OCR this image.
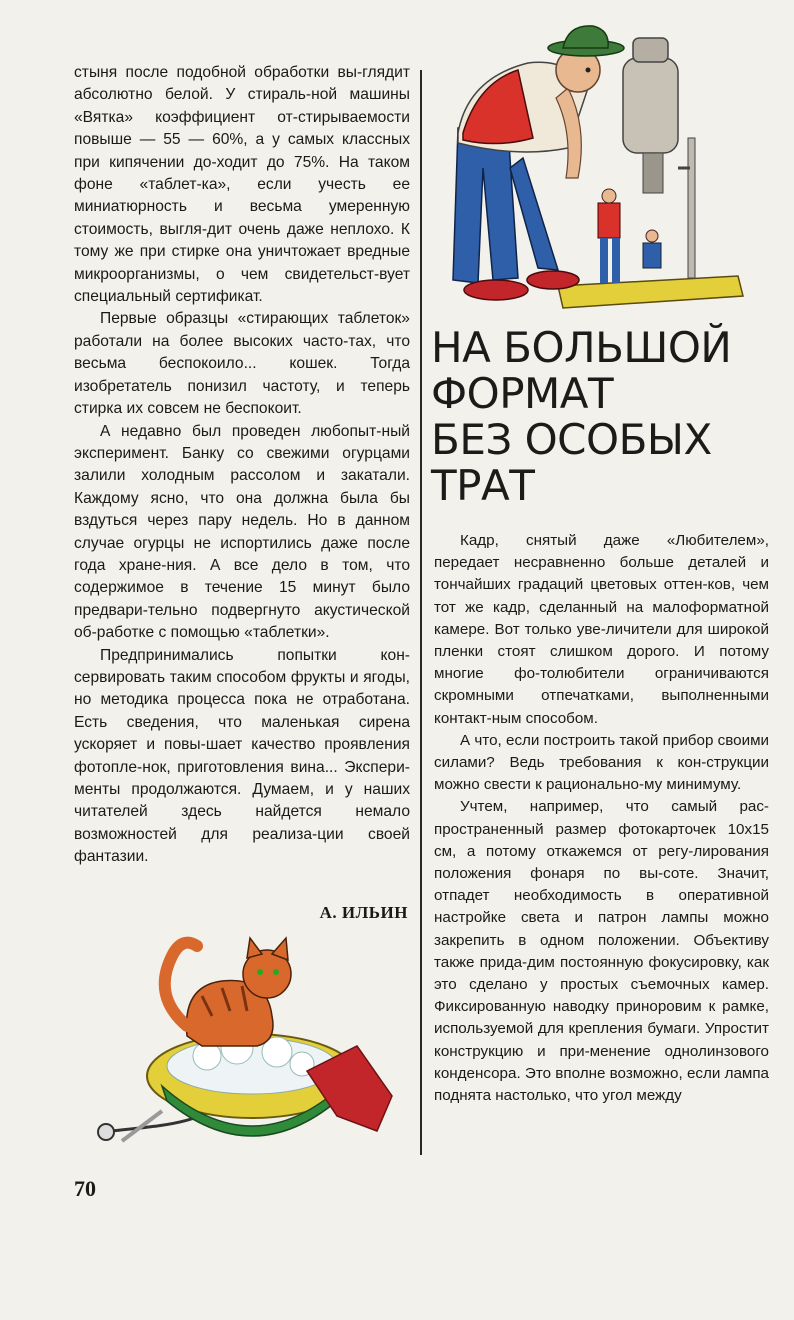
стыня после подобной обработки вы-глядит абсолютно белой. У стираль-ной машины «Вятка» коэффициент от-стирываемости повыше — 55 — 60%, а у самых классных при кипячении до-ходит до 75%. На таком фоне «таблет-ка», если учесть ее миниатюрность и весьма умеренную стоимость, выгля-дит очень даже неплохо. К тому же при стирке она уничтожает вредные микроорганизмы, о чем свидетельст-вует специальный сертификат.

Первые образцы «стирающих таблеток» работали на более высоких часто-тах, что весьма беспокоило... кошек. Тогда изобретатель понизил частоту, и теперь стирка их совсем не беспокоит.

А недавно был проведен любопыт-ный эксперимент. Банку со свежими огурцами залили холодным рассолом и закатали. Каждому ясно, что она должна была бы вздуться через пару недель. Но в данном случае огурцы не испортились даже после года хране-ния. А все дело в том, что содержимое в течение 15 минут было предвари-тельно подвергнуто акустической об-работке с помощью «таблетки».

Предпринимались попытки кон-сервировать таким способом фрукты и ягоды, но методика процесса пока не отработана. Есть сведения, что маленькая сирена ускоряет и повы-шает качество проявления фотопле-нок, приготовления вина... Экспери-менты продолжаются. Думаем, и у наших читателей здесь найдется немало возможностей для реализа-ции своей фантазии.

А. ИЛЬИН
70
НА БОЛЬШОЙ
ФОРМАТ
БЕЗ ОСОБЫХ
ТРАТ

Кадр, снятый даже «Любителем», передает несравненно больше деталей и тончайших градаций цветовых оттен-ков, чем тот же кадр, сделанный на малоформатной камере. Вот только уве-личители для широкой пленки стоят слишком дорого. И потому многие фо-толюбители ограничиваются скромными отпечатками, выполненными контакт-ным способом.

А что, если построить такой прибор своими силами? Ведь требования к кон-струкции можно свести к рационально-му минимуму.

Учтем, например, что самый рас-пространенный размер фотокарточек 10x15 см, а потому откажемся от регу-лирования положения фонаря по вы-соте. Значит, отпадет необходимость в оперативной настройке света и патрон лампы можно закрепить в одном положении. Объективу также прида-дим постоянную фокусировку, как это сделано у простых съемочных камер. Фиксированную наводку приноровим к рамке, используемой для крепления бумаги. Упростит конструкцию и при-менение однолинзового конденсора. Это вполне возможно, если лампа поднята настолько, что угол между
